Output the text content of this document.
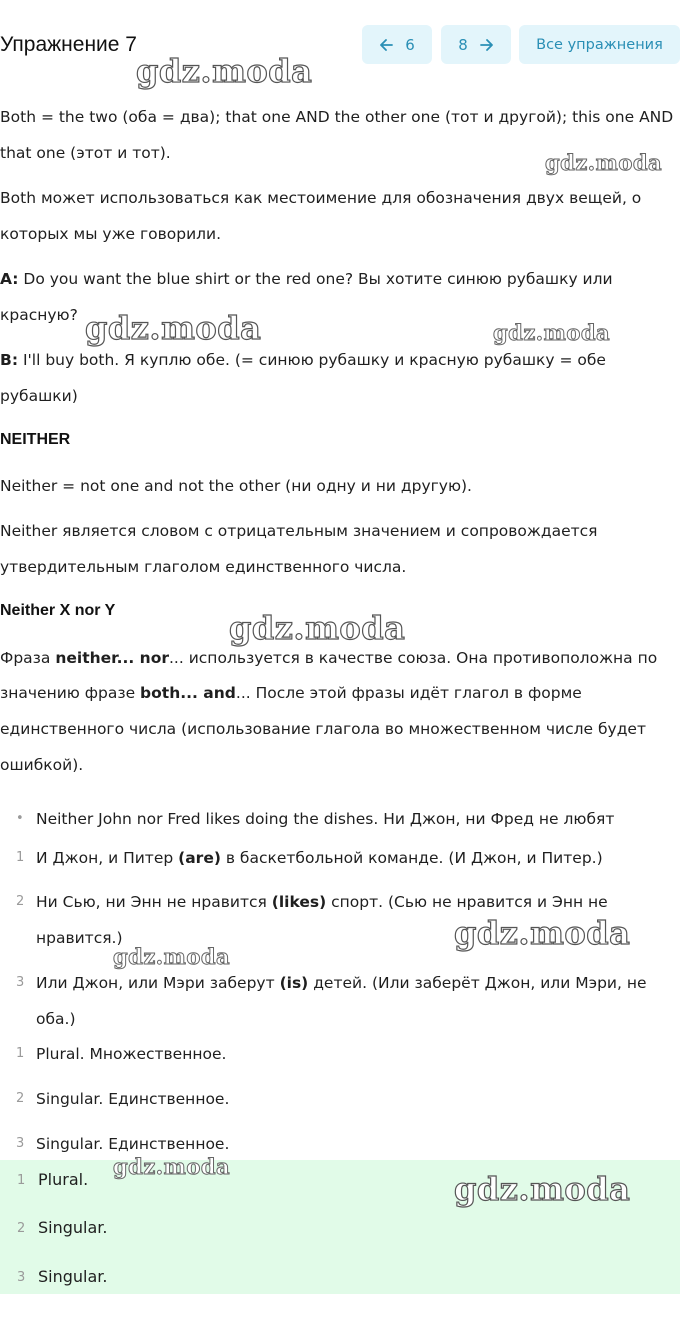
Упражнение 7	6	8	Все упражнения
Both = the two (оба = два); that one AND the other one (тот и другой); this one AND
that one (этот и тот).
Both может использоваться как местоимение для обозначения двух вещей, о
которых мы уже говорили.
A: Do you want the blue shirt or the red one? Вы хотите синюю рубашку или
красную?
B: I'll buy both. Я куплю обе. (= синюю рубашку и красную рубашку = обе
рубашки)
NEITHER
Neither = not one and not the other (ни одну и ни другую).
Neither является словом с отрицательным значением и сопровождается
утвердительным глаголом единственного числа.
Neither X nor Y
Фраза neither... nor... используется в качестве союза. Она противоположна по
значению фразе both... and... После этой фразы идёт глагол в форме
единственного числа (использование глагола во множественном числе будет
ошибкой).
• Neither John nor Fred likes doing the dishes. Ни Джон, ни Фред не любят
1 И Джон, и Питер (are) в баскетбольной команде. (И Джон, и Питер.)
2 Ни Сью, ни Энн не нравится (likes) спорт. (Сью не нравится и Энн не
нравится.)
3 Или Джон, или Мэри заберут (is) детей. (Или заберёт Джон, или Мэри, не
оба.)
1 Plural. Множественное.
2 Singular. Единственное.
3 Singular. Единственное.
1 Plural.
2 Singular.
3 Singular.
gdz.moda
gdz.moda
gdz.moda	gdz.moda
gdz.moda
gdz.moda
gdz.moda
gdz.moda
gdz.moda
